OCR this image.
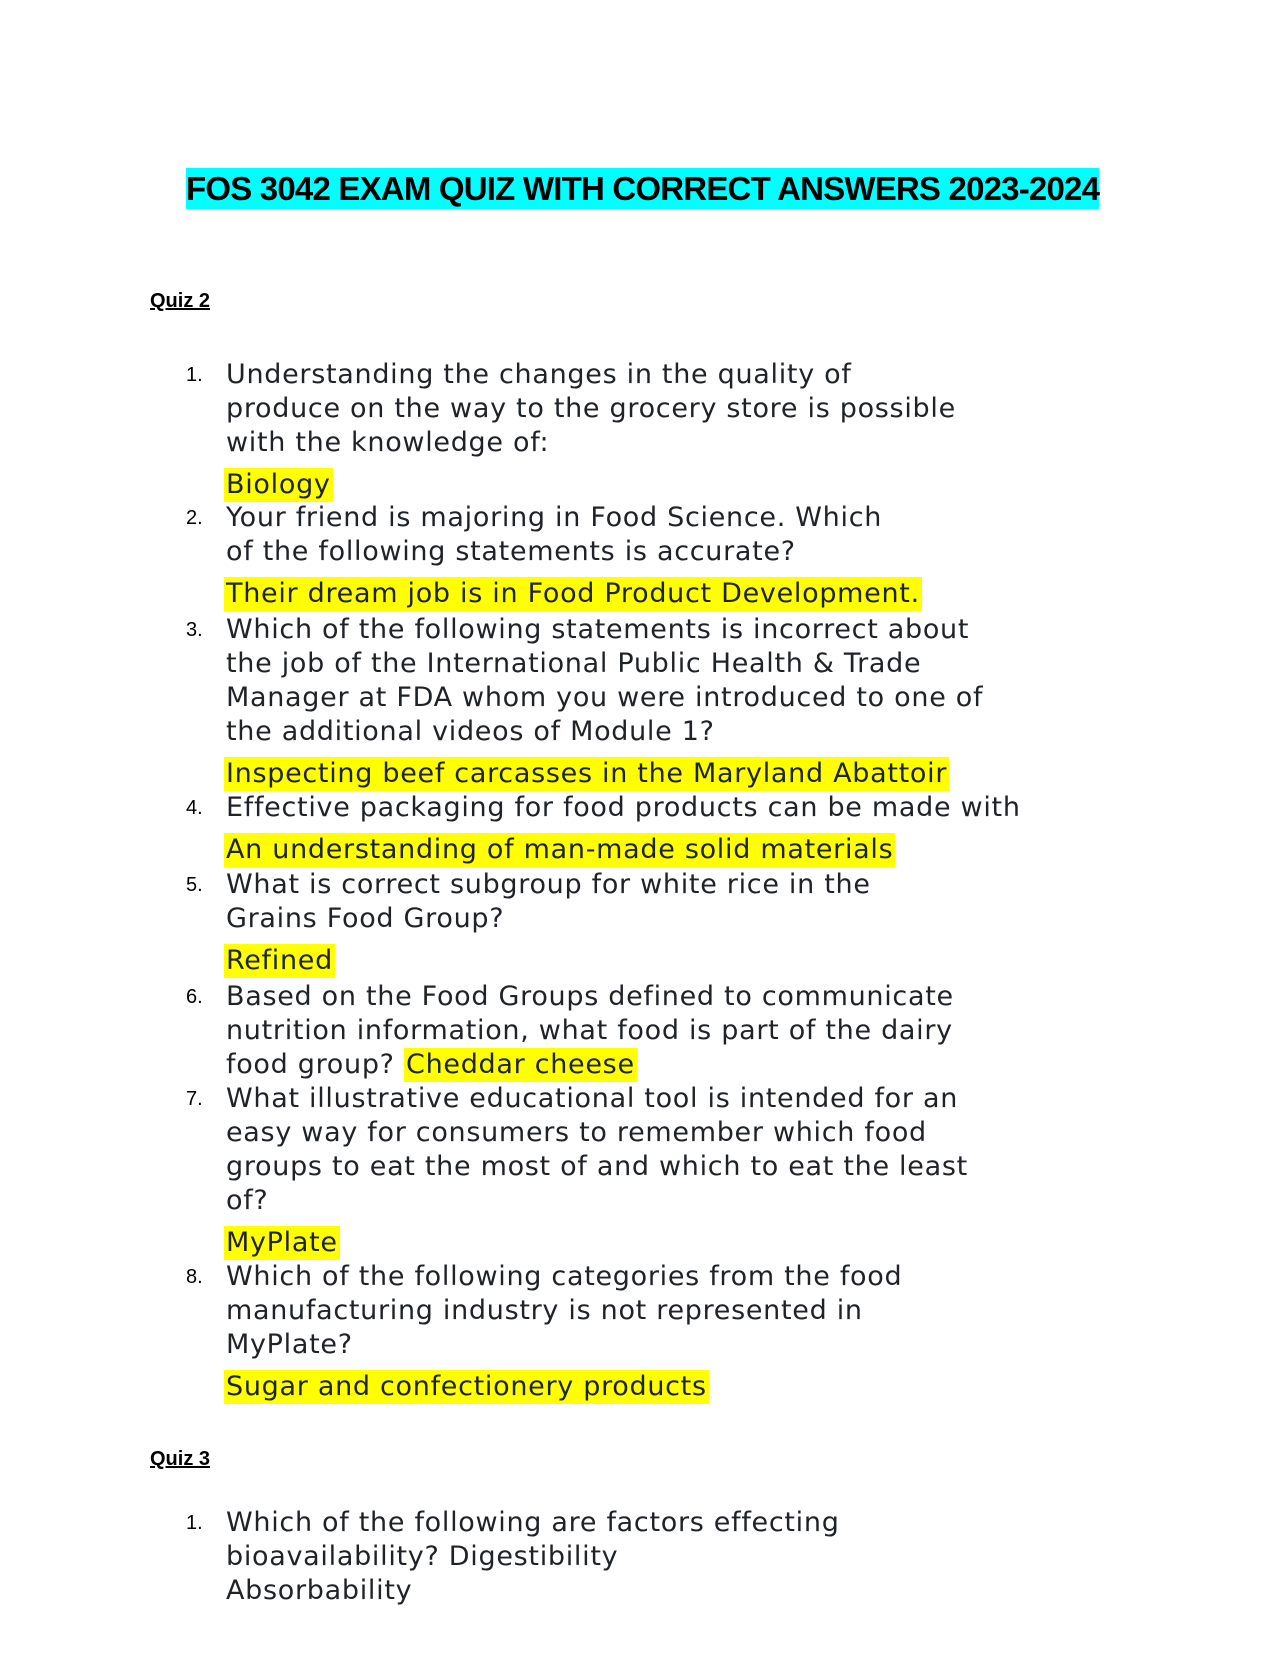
FOS 3042 EXAM QUIZ WITH CORRECT ANSWERS 2023-2024

Quiz 2

1. Understanding the changes in the quality of
produce on the way to the grocery store is possible
with the knowledge of:
Biology
2. Your friend is majoring in Food Science. Which
of the following statements is accurate?
Their dream job is in Food Product Development.
3. Which of the following statements is incorrect about
the job of the International Public Health & Trade
Manager at FDA whom you were introduced to one of
the additional videos of Module 1?
Inspecting beef carcasses in the Maryland Abattoir
4. Effective packaging for food products can be made with
An understanding of man-made solid materials
5. What is correct subgroup for white rice in the
Grains Food Group?
Refined
6. Based on the Food Groups defined to communicate
nutrition information, what food is part of the dairy
food group? Cheddar cheese
7. What illustrative educational tool is intended for an
easy way for consumers to remember which food
groups to eat the most of and which to eat the least
of?
MyPlate
8. Which of the following categories from the food
manufacturing industry is not represented in
MyPlate?
Sugar and confectionery products

Quiz 3

1. Which of the following are factors effecting
bioavailability? Digestibility
Absorbability
